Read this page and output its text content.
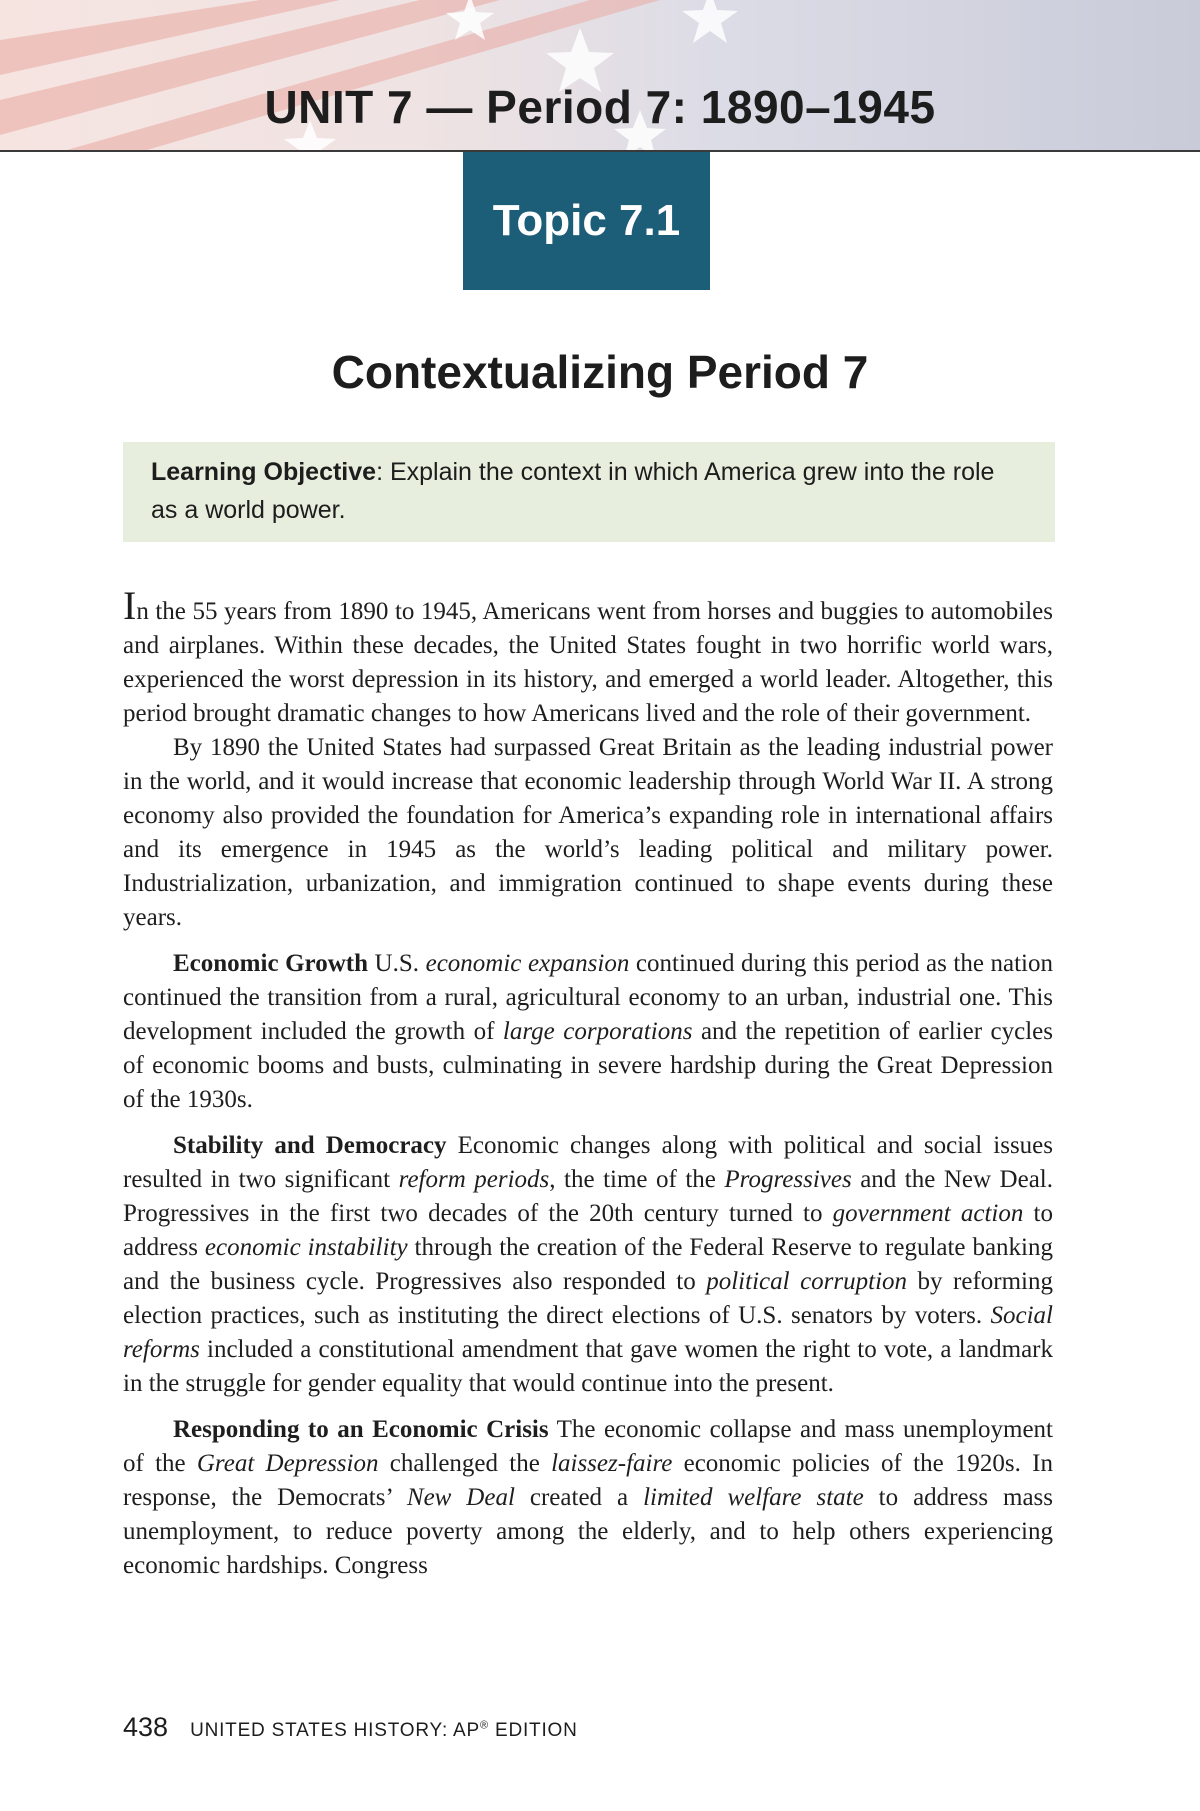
UNIT 7 — Period 7: 1890–1945
Topic 7.1
Contextualizing Period 7
Learning Objective: Explain the context in which America grew into the role as a world power.

In the 55 years from 1890 to 1945, Americans went from horses and buggies to automobiles and airplanes. Within these decades, the United States fought in two horrific world wars, experienced the worst depression in its history, and emerged a world leader. Altogether, this period brought dramatic changes to how Americans lived and the role of their government.

By 1890 the United States had surpassed Great Britain as the leading industrial power in the world, and it would increase that economic leadership through World War II. A strong economy also provided the foundation for America’s expanding role in international affairs and its emergence in 1945 as the world’s leading political and military power. Industrialization, urbanization, and immigration continued to shape events during these years.

Economic Growth U.S. economic expansion continued during this period as the nation continued the transition from a rural, agricultural economy to an urban, industrial one. This development included the growth of large corporations and the repetition of earlier cycles of economic booms and busts, culminating in severe hardship during the Great Depression of the 1930s.

Stability and Democracy Economic changes along with political and social issues resulted in two significant reform periods, the time of the Progressives and the New Deal. Progressives in the first two decades of the 20th century turned to government action to address economic instability through the creation of the Federal Reserve to regulate banking and the business cycle. Progressives also responded to political corruption by reforming election practices, such as instituting the direct elections of U.S. senators by voters. Social reforms included a constitutional amendment that gave women the right to vote, a landmark in the struggle for gender equality that would continue into the present.

Responding to an Economic Crisis The economic collapse and mass unemployment of the Great Depression challenged the laissez-faire economic policies of the 1920s. In response, the Democrats’ New Deal created a limited welfare state to address mass unemployment, to reduce poverty among the elderly, and to help others experiencing economic hardships. Congress

438 UNITED STATES HISTORY: AP® EDITION
